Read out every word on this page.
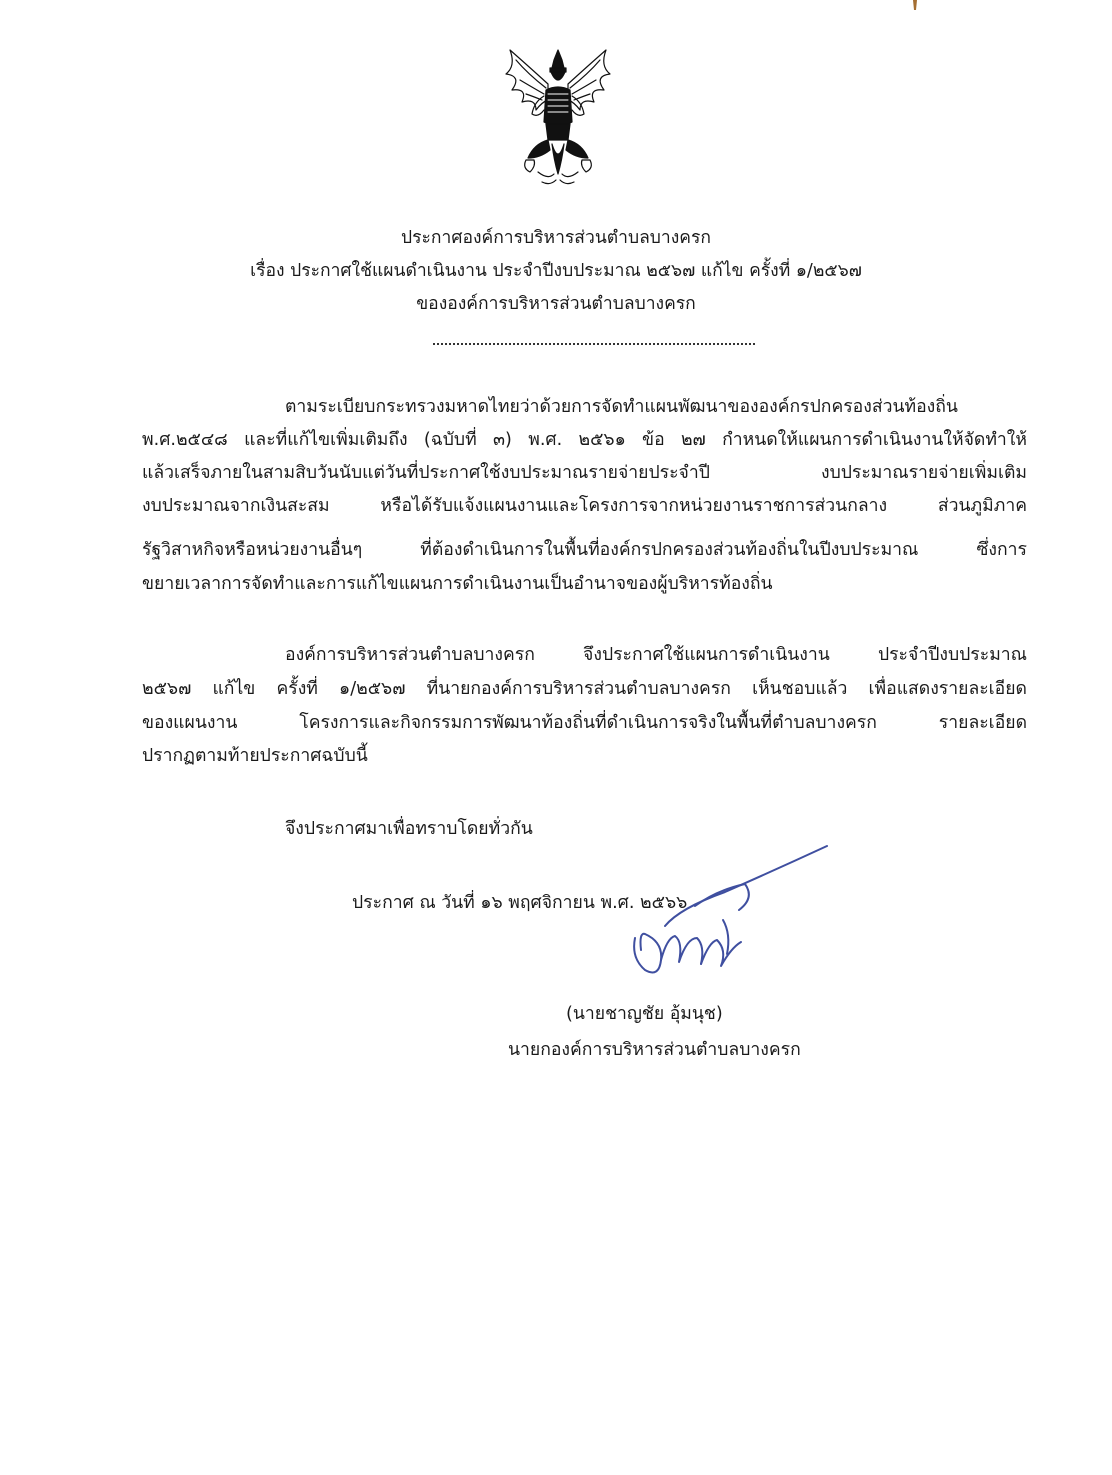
ประกาศองค์การบริหารส่วนตำบลบางครก
เรื่อง ประกาศใช้แผนดำเนินงาน ประจำปีงบประมาณ ๒๕๖๗ แก้ไข ครั้งที่ ๑/๒๕๖๗
ขององค์การบริหารส่วนตำบลบางครก
ตามระเบียบกระทรวงมหาดไทยว่าด้วยการจัดทำแผนพัฒนาขององค์กรปกครองส่วนท้องถิ่น
พ.ศ.๒๕๔๘ และที่แก้ไขเพิ่มเติมถึง (ฉบับที่ ๓) พ.ศ. ๒๕๖๑ ข้อ ๒๗ กำหนดให้แผนการดำเนินงานให้จัดทำให้
แล้วเสร็จภายในสามสิบวันนับแต่วันที่ประกาศใช้งบประมาณรายจ่ายประจำปี งบประมาณรายจ่ายเพิ่มเติม
งบประมาณจากเงินสะสม หรือได้รับแจ้งแผนงานและโครงการจากหน่วยงานราชการส่วนกลาง ส่วนภูมิภาค
รัฐวิสาหกิจหรือหน่วยงานอื่นๆ ที่ต้องดำเนินการในพื้นที่องค์กรปกครองส่วนท้องถิ่นในปีงบประมาณ ซึ่งการ
ขยายเวลาการจัดทำและการแก้ไขแผนการดำเนินงานเป็นอำนาจของผู้บริหารท้องถิ่น
องค์การบริหารส่วนตำบลบางครก จึงประกาศใช้แผนการดำเนินงาน ประจำปีงบประมาณ
๒๕๖๗ แก้ไข ครั้งที่ ๑/๒๕๖๗ ที่นายกองค์การบริหารส่วนตำบลบางครก เห็นชอบแล้ว เพื่อแสดงรายละเอียด
ของแผนงาน โครงการและกิจกรรมการพัฒนาท้องถิ่นที่ดำเนินการจริงในพื้นที่ตำบลบางครก รายละเอียด
ปรากฏตามท้ายประกาศฉบับนี้
จึงประกาศมาเพื่อทราบโดยทั่วกัน
ประกาศ ณ วันที่ ๑๖ พฤศจิกายน พ.ศ. ๒๕๖๖
(นายชาญชัย อุ้มนุช)
นายกองค์การบริหารส่วนตำบลบางครก
